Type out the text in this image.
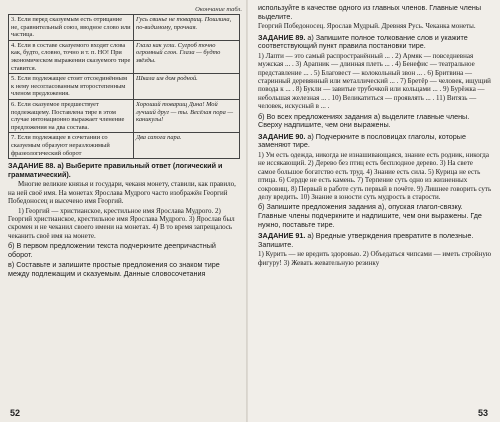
Окончание табл.
3. Если перед сказуемым есть отрицание не, сравнительный союз, вводное слово или частица.	Гусь свинье не товарищ. Пошлина, по-видимому, прочная.
4. Если в составе сказуемого входят слова как, будто, словно, точно и т. п. НО! При экономическом выражении сказуемого тире ставится.	Глаза как угли. Сугроб точно огромный слон. Глаза — будто звёзды.
5. Если подлежащее стоит отсоединённым к нему несогласованным второстепенным членом предложения.	Шкала им дом родной.
6. Если сказуемое предшествует подлежащему. Поставлена тире в этом случае интонационно выражает членение предложения на два состава.	Хороший товарищ Дина! Мой лучший друг — ты. Весёлая пора — каникулы!
7. Если подлежащее в сочетании со сказуемым образуют неразложимый фразеологический оборот	Два сапога пара.
ЗАДАНИЕ 88. а) Выберите правильный ответ (логический и грамматический).

Многие великие князья и государи, чеканя монету, ставили, как правило, на ней своё имя. На монетах Ярослава Мудрого часто изображён Георгий Победоносец и высечено имя Георгий.

1) Георгий — христианское, крестильное имя Ярослава Мудрого. 2) Георгий христианское, крестильное имя Ярослава Мудрого. 3) Ярослав был скромен и не чеканил своего имени на монетах. 4) В то время запрещалось чеканить своё имя на монете.

б) В первом предложении текста подчеркните деепричастный оборот.

в) Составьте и запишите простые предложения со знаком тире между подлежащим и сказуемым. Данные словосочетания

52

используйте в качестве одного из главных членов. Главные члены выделите.

Георгий Победоносец. Ярослав Мудрый. Древняя Русь. Чеканка монеты.

ЗАДАНИЕ 89. а) Запишите полное толкование слов и укажите соответствующий пункт правила постановки тире.

1) Лапти — это самый распространённый ... . 2) Армяк — повседневная мужская ... . 3) Арапник — длинная плеть ... . 4) Бенефис — театральное представление ... . 5) Благовест — колокольный звон ... . 6) Бритвина — старинный деревянный или металлический ... . 7) Бретёр — человек, ищущий повода к ... . 8) Букли — завитые трубочкой или кольцами ... . 9) Бурёжка — небольшая железная ... . 10) Великатиться — проявлять ... . 11) Витязь — человек, искусный в ... .

б) Во всех предложениях задания а) выделите главные члены. Сверху надпишите, чем они выражены.

ЗАДАНИЕ 90. а) Подчеркните в пословицах глаголы, которые заменяют тире.

1) Ум есть одежда, никогда не изнашивающаяся, знание есть родник, никогда не иссякающий. 2) Дерево без птиц есть бесплодное дерево. 3) На свете самое большое богатство есть труд. 4) Знание есть сила. 5) Курица не есть птица. 6) Сердце не есть камень. 7) Терпение суть одно из жизненных сокровищ. 8) Первый в работе суть первый в почёте. 9) Лишнее говорить суть делу вредить. 10) Знание в юности суть мудрость в старости.

б) Запишите предложения задания а), опуская глагол-связку. Главные члены подчеркните и надпишите, чем они выражены. Где нужно, поставьте тире.

ЗАДАНИЕ 91. а) Вредные утверждения превратите в полезные. Запишите.

1) Курить — не вредить здоровью. 2) Объедаться чипсами — иметь стройную фигуру! 3) Жевать жевательную резинку

53
